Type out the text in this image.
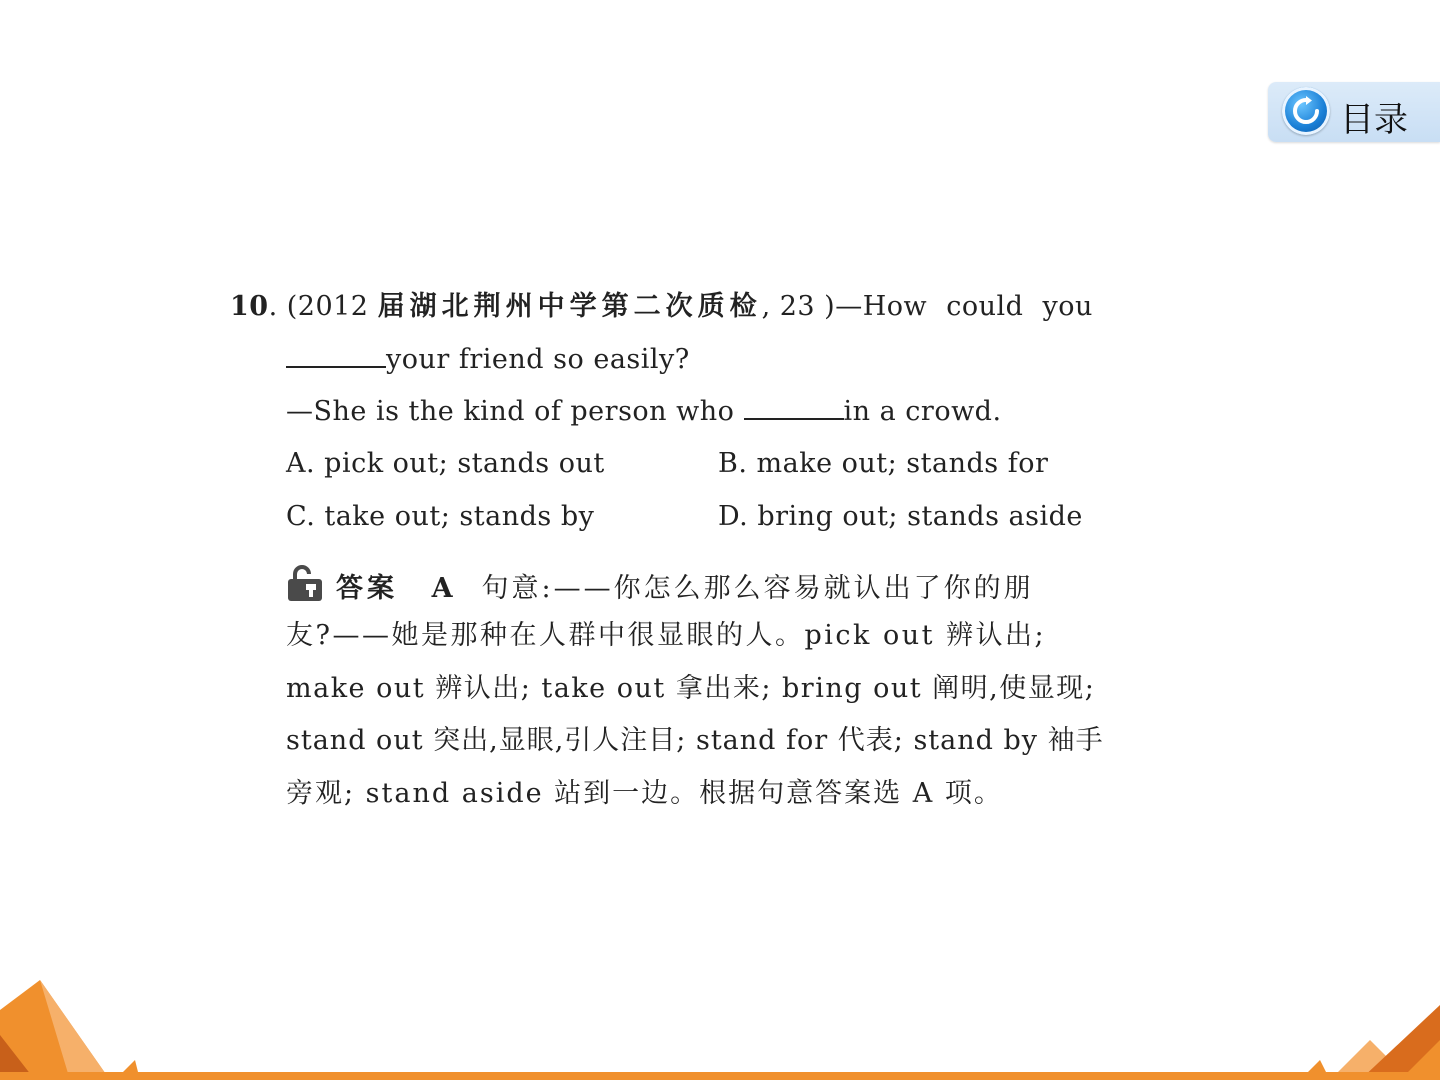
目录
10. (2012 届湖北荆州中学第二次质检, 23 )—How could you
your friend so easily?
—She is the kind of person who	in a crowd.
A. pick out; stands out	B. make out; stands for
C. take out; stands by	D. bring out; stands aside
答案 A 句意:——你怎么那么容易就认出了你的朋
友?——她是那种在人群中很显眼的人。pick out 辨认出;
make out 辨认出; take out 拿出来; bring out 阐明,使显现;
stand out 突出,显眼,引人注目; stand for 代表; stand by 袖手
旁观; stand aside 站到一边。根据句意答案选 A 项。
